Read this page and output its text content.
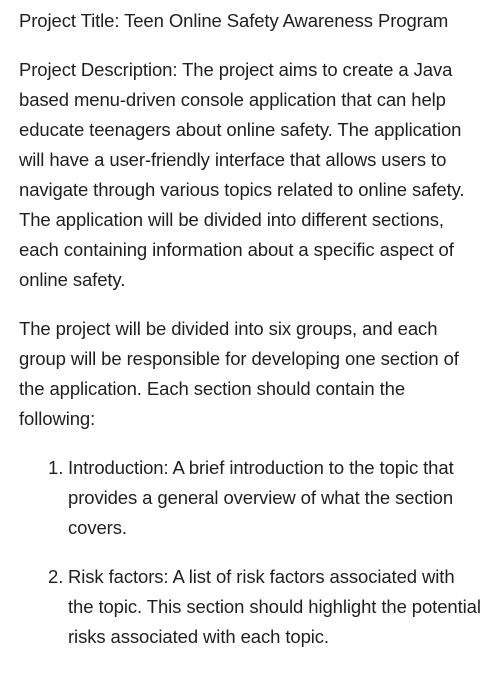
Project Title: Teen Online Safety Awareness Program

Project Description: The project aims to create a Java based menu-driven console application that can help educate teenagers about online safety. The application will have a user-friendly interface that allows users to navigate through various topics related to online safety. The application will be divided into different sections, each containing information about a specific aspect of online safety.

The project will be divided into six groups, and each group will be responsible for developing one section of the application. Each section should contain the following:

1. Introduction: A brief introduction to the topic that provides a general overview of what the section covers.
2. Risk factors: A list of risk factors associated with the topic. This section should highlight the potential risks associated with each topic.
